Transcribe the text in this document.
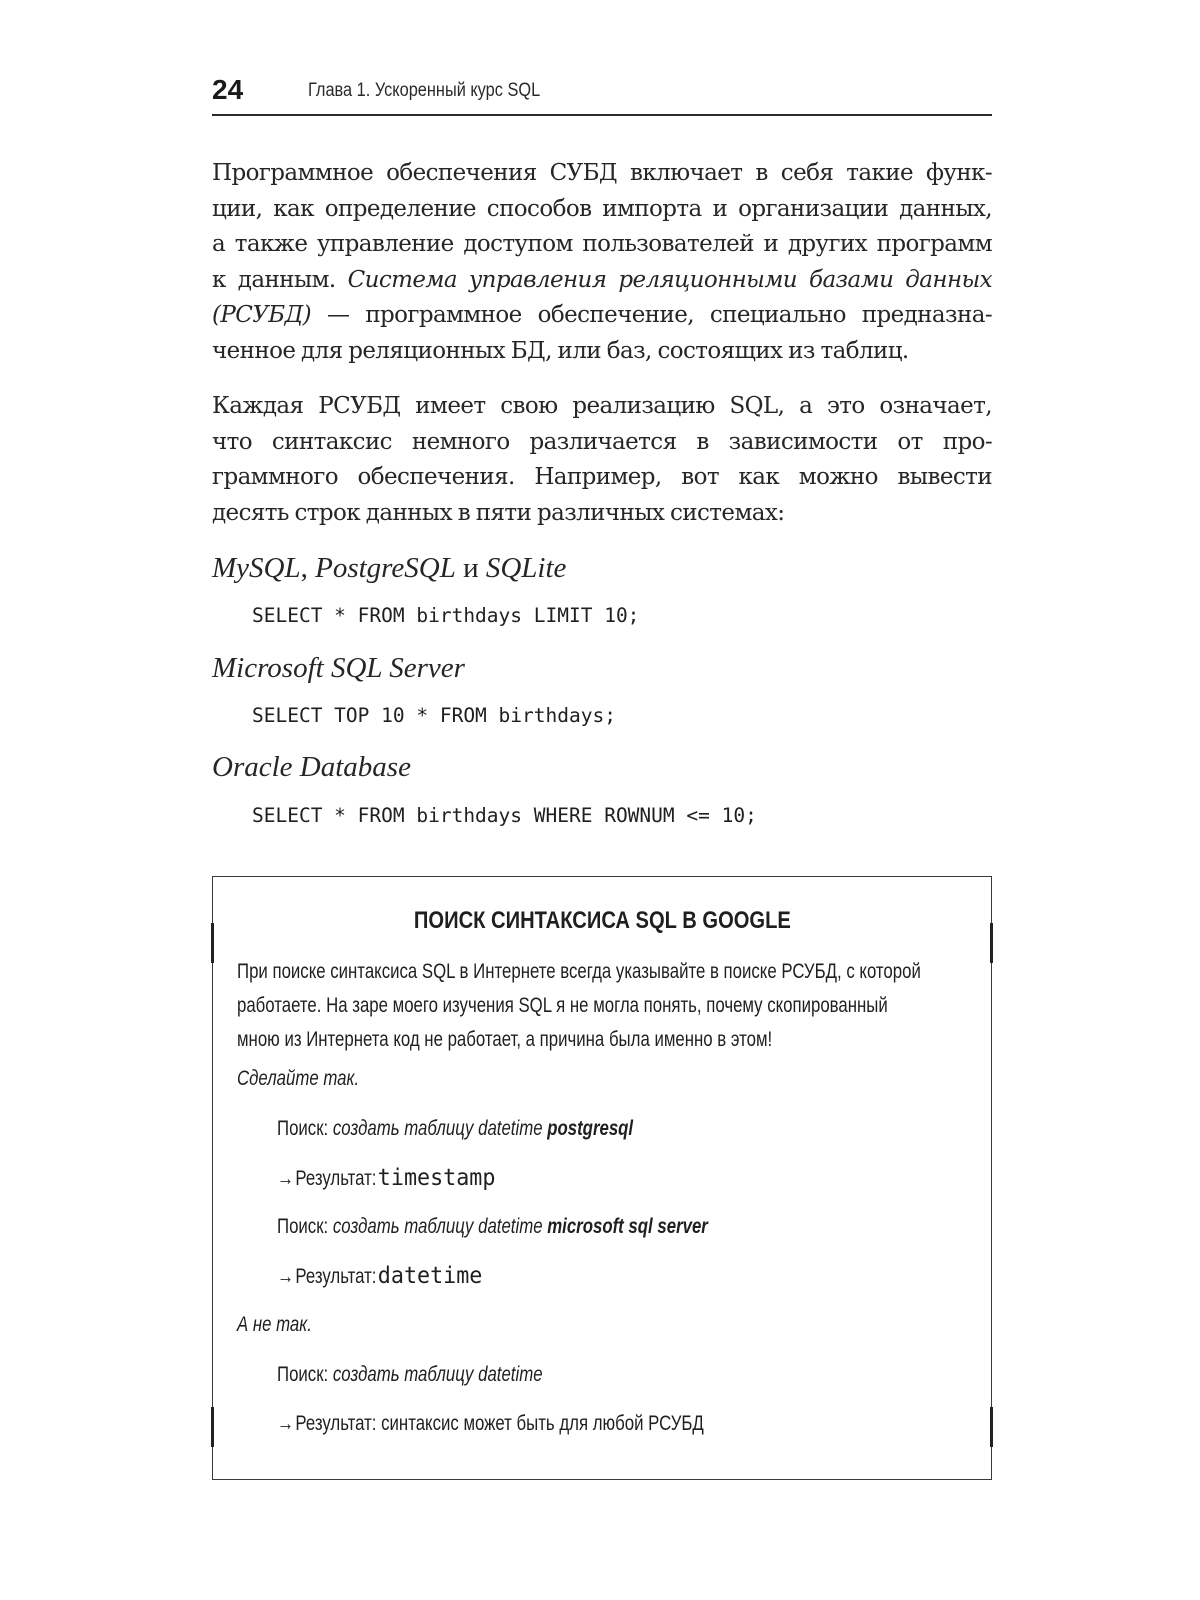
24	Глава 1. Ускоренный курс SQL
Программное обеспечения СУБД включает в себя такие функ-
ции, как определение способов импорта и организации данных,
а также управление доступом пользователей и других программ
к данным. Система управления реляционными базами данных
(РСУБД) — программное обеспечение, специально предназна-
ченное для реляционных БД, или баз, состоящих из таблиц.
Каждая РСУБД имеет свою реализацию SQL, а это означает,
что синтаксис немного различается в зависимости от про-
граммного обеспечения. Например, вот как можно вывести
десять строк данных в пяти различных системах:
MySQL, PostgreSQL и SQLite
SELECT * FROM birthdays LIMIT 10;
Microsoft SQL Server
SELECT TOP 10 * FROM birthdays;
Oracle Database
SELECT * FROM birthdays WHERE ROWNUM <= 10;
ПОИСК СИНТАКСИСА SQL В GOOGLE
При поиске синтаксиса SQL в Интернете всегда указывайте в поиске РСУБД, с которой
работаете. На заре моего изучения SQL я не могла понять, почему скопированный
мною из Интернета код не работает, а причина была именно в этом!
Сделайте так.
Поиск: создать таблицу datetime postgresql
→Результат:timestamp
Поиск: создать таблицу datetime microsoft sql server
→Результат:datetime
А не так.
Поиск: создать таблицу datetime
→Результат: синтаксис может быть для любой РСУБД
